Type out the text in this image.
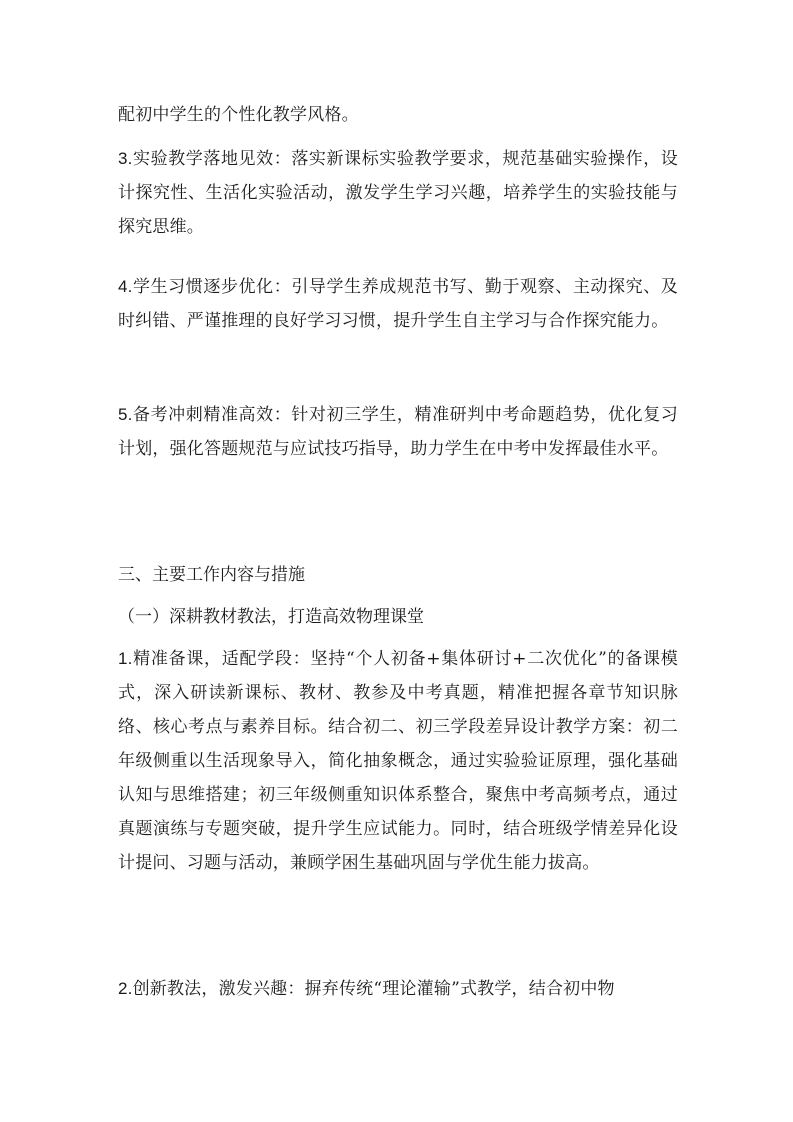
配初中学生的个性化教学风格。

3.实验教学落地见效：落实新课标实验教学要求，规范基础实验操作，设计探究性、生活化实验活动，激发学生学习兴趣，培养学生的实验技能与探究思维。

4.学生习惯逐步优化：引导学生养成规范书写、勤于观察、主动探究、及时纠错、严谨推理的良好学习习惯，提升学生自主学习与合作探究能力。

5.备考冲刺精准高效：针对初三学生，精准研判中考命题趋势，优化复习计划，强化答题规范与应试技巧指导，助力学生在中考中发挥最佳水平。

三、主要工作内容与措施

（一）深耕教材教法，打造高效物理课堂

1.精准备课，适配学段：坚持“个人初备+集体研讨+二次优化”的备课模式，深入研读新课标、教材、教参及中考真题，精准把握各章节知识脉络、核心考点与素养目标。结合初二、初三学段差异设计教学方案：初二年级侧重以生活现象导入，简化抽象概念，通过实验验证原理，强化基础认知与思维搭建；初三年级侧重知识体系整合，聚焦中考高频考点，通过真题演练与专题突破，提升学生应试能力。同时，结合班级学情差异化设计提问、习题与活动，兼顾学困生基础巩固与学优生能力拔高。

2.创新教法，激发兴趣：摒弃传统“理论灌输”式教学，结合初中物
